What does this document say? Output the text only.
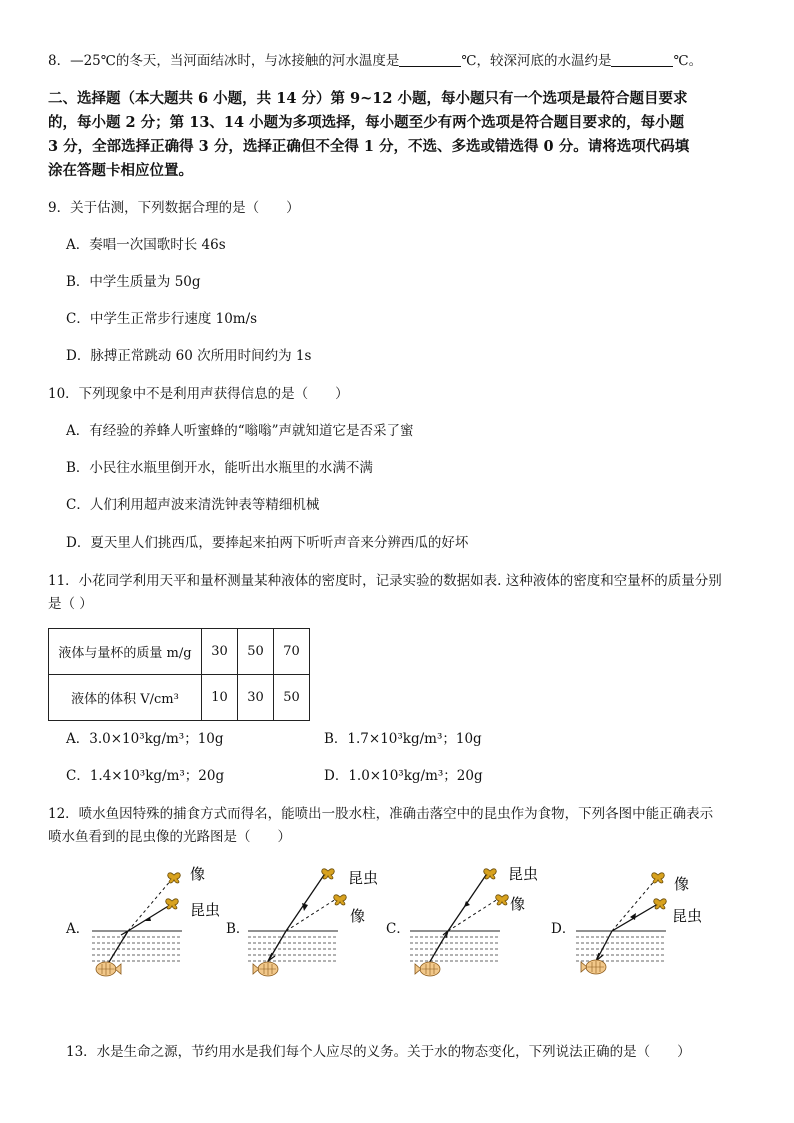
8．—25℃的冬天，当河面结冰时，与冰接触的河水温度是	℃，较深河底的水温约是	℃。
二、选择题（本大题共 6 小题，共 14 分）第 9~12 小题，每小题只有一个选项是最符合题目要求
的，每小题 2 分；第 13、14 小题为多项选择，每小题至少有两个选项是符合题目要求的，每小题
3 分，全部选择正确得 3 分，选择正确但不全得 1 分，不选、多选或错选得 0 分。请将选项代码填
涂在答题卡相应位置。
9．关于估测，下列数据合理的是（　　）
A．奏唱一次国歌时长 46s
B．中学生质量为 50g
C．中学生正常步行速度 10m/s
D．脉搏正常跳动 60 次所用时间约为 1s
10．下列现象中不是利用声获得信息的是（　　）
A．有经验的养蜂人听蜜蜂的“嗡嗡”声就知道它是否采了蜜
B．小民往水瓶里倒开水，能听出水瓶里的水满不满
C．人们利用超声波来清洗钟表等精细机械
D．夏天里人们挑西瓜，要捧起来拍两下听听声音来分辨西瓜的好坏
11．小花同学利用天平和量杯测量某种液体的密度时，记录实验的数据如表. 这种液体的密度和空量杯的质量分别
是（ ）
液体与量杯的质量 m/g	30	50	70
液体的体积 V/cm³	10	30	50
A．3.0×10³kg/m³；10g	B．1.7×10³kg/m³；10g
C．1.4×10³kg/m³；20g	D．1.0×10³kg/m³；20g
12．喷水鱼因特殊的捕食方式而得名，能喷出一股水柱，准确击落空中的昆虫作为食物，下列各图中能正确表示
喷水鱼看到的昆虫像的光路图是（　　）
A．
像
昆虫
B．
昆虫
像
C．
昆虫
像
D．
像
昆虫
13．水是生命之源，节约用水是我们每个人应尽的义务。关于水的物态变化，下列说法正确的是（　　）
